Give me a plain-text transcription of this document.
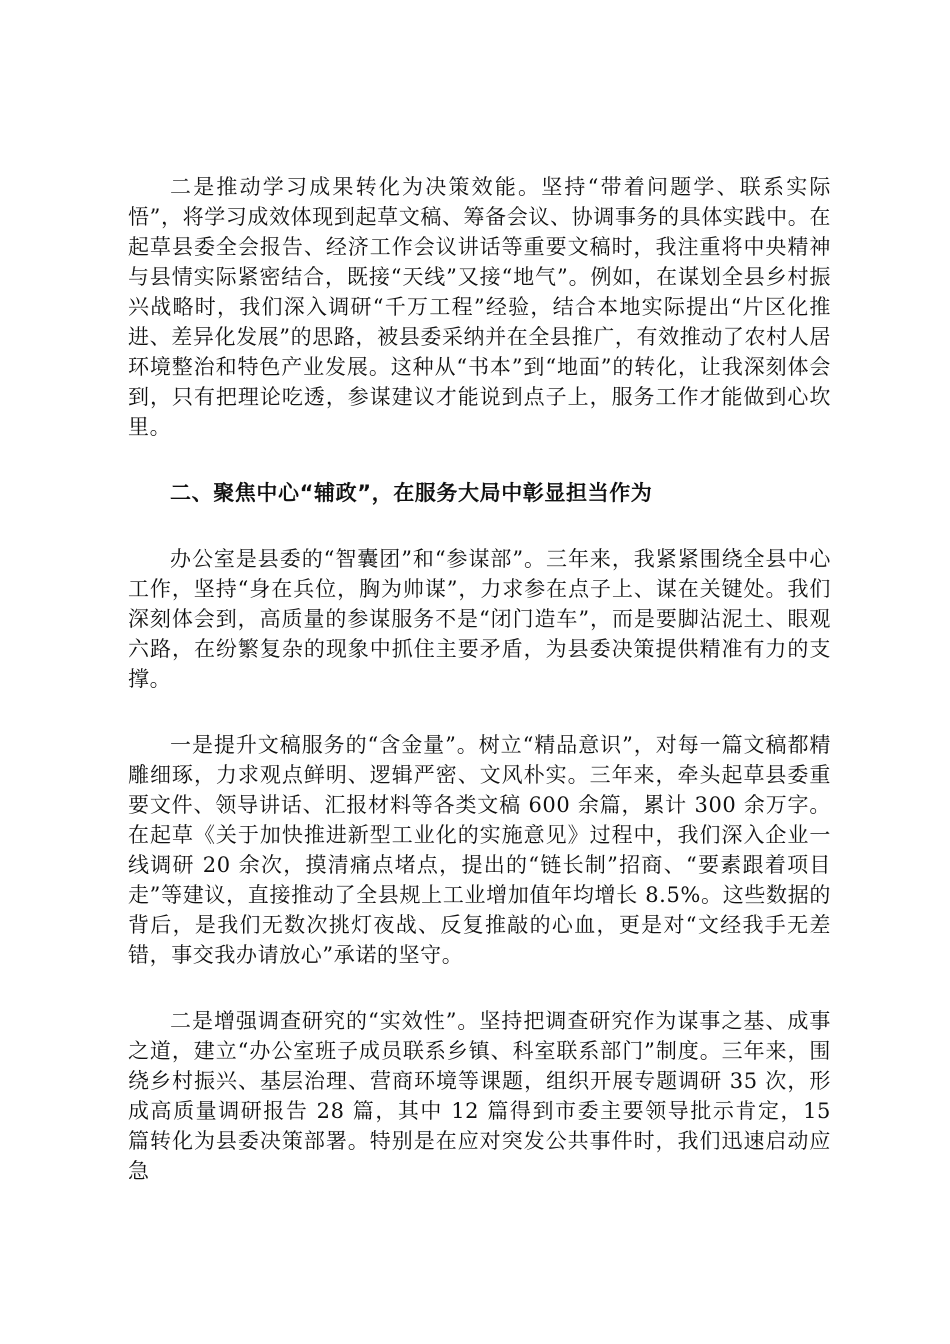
二是推动学习成果转化为决策效能。坚持“带着问题学、联系实际悟”，将学习成效体现到起草文稿、筹备会议、协调事务的具体实践中。在起草县委全会报告、经济工作会议讲话等重要文稿时，我注重将中央精神与县情实际紧密结合，既接“天线”又接“地气”。例如，在谋划全县乡村振兴战略时，我们深入调研“千万工程”经验，结合本地实际提出“片区化推进、差异化发展”的思路，被县委采纳并在全县推广，有效推动了农村人居环境整治和特色产业发展。这种从“书本”到“地面”的转化，让我深刻体会到，只有把理论吃透，参谋建议才能说到点子上，服务工作才能做到心坎里。

二、聚焦中心“辅政”，在服务大局中彰显担当作为

办公室是县委的“智囊团”和“参谋部”。三年来，我紧紧围绕全县中心工作，坚持“身在兵位，胸为帅谋”，力求参在点子上、谋在关键处。我们深刻体会到，高质量的参谋服务不是“闭门造车”，而是要脚沾泥土、眼观六路，在纷繁复杂的现象中抓住主要矛盾，为县委决策提供精准有力的支撑。

一是提升文稿服务的“含金量”。树立“精品意识”，对每一篇文稿都精雕细琢，力求观点鲜明、逻辑严密、文风朴实。三年来，牵头起草县委重要文件、领导讲话、汇报材料等各类文稿 600 余篇，累计 300 余万字。在起草《关于加快推进新型工业化的实施意见》过程中，我们深入企业一线调研 20 余次，摸清痛点堵点，提出的“链长制”招商、“要素跟着项目走”等建议，直接推动了全县规上工业增加值年均增长 8.5%。这些数据的背后，是我们无数次挑灯夜战、反复推敲的心血，更是对“文经我手无差错，事交我办请放心”承诺的坚守。

二是增强调查研究的“实效性”。坚持把调查研究作为谋事之基、成事之道，建立“办公室班子成员联系乡镇、科室联系部门”制度。三年来，围绕乡村振兴、基层治理、营商环境等课题，组织开展专题调研 35 次，形成高质量调研报告 28 篇，其中 12 篇得到市委主要领导批示肯定，15 篇转化为县委决策部署。特别是在应对突发公共事件时，我们迅速启动应急
